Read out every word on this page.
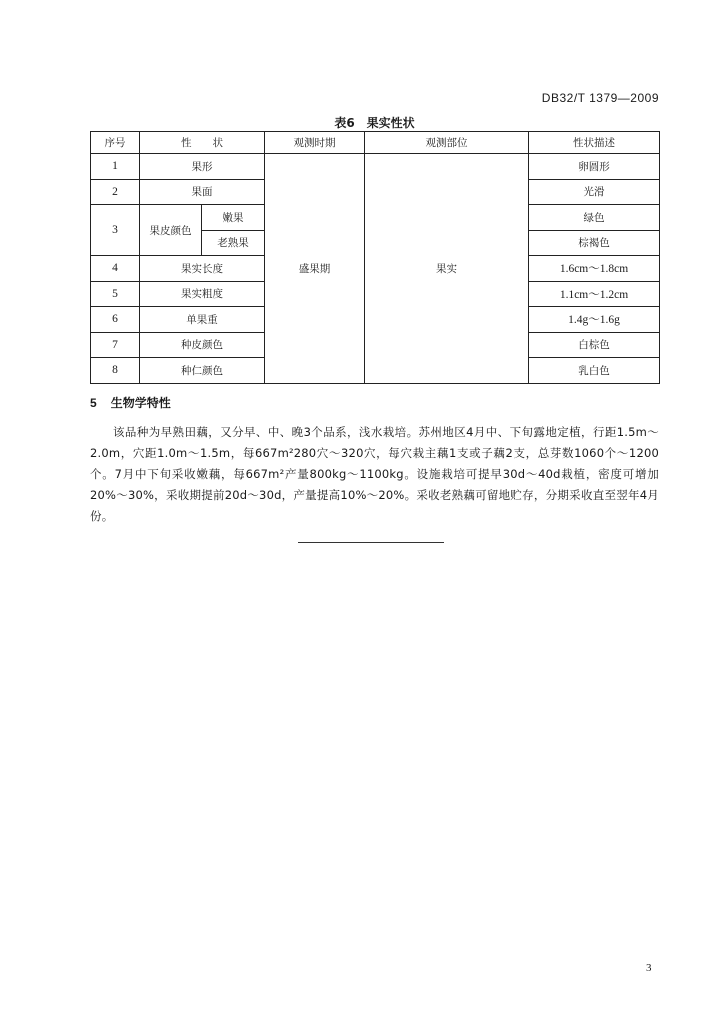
DB32/T 1379—2009
表6　果实性状
序号	性　　状		观测时期	观测部位	性状描述
1	果形		盛果期	果实	卵圆形
2	果面				光滑
3	果皮颜色	嫩果			绿色
		老熟果			棕褐色
4	果实长度				1.6cm～1.8cm
5	果实粗度				1.1cm～1.2cm
6	单果重				1.4g～1.6g
7	种皮颜色				白棕色
8	种仁颜色				乳白色
5 生物学特性
该品种为早熟田藕，又分早、中、晚3个品系，浅水栽培。苏州地区4月中、下旬露地定植，行距1.5m～2.0m，穴距1.0m～1.5m，每667m²280穴～320穴，每穴栽主藕1支或子藕2支，总芽数1060个～1200个。7月中下旬采收嫩藕，每667m²产量800kg～1100kg。设施栽培可提早30d～40d栽植，密度可增加20%～30%，采收期提前20d～30d，产量提高10%～20%。采收老熟藕可留地贮存，分期采收直至翌年4月份。
3
